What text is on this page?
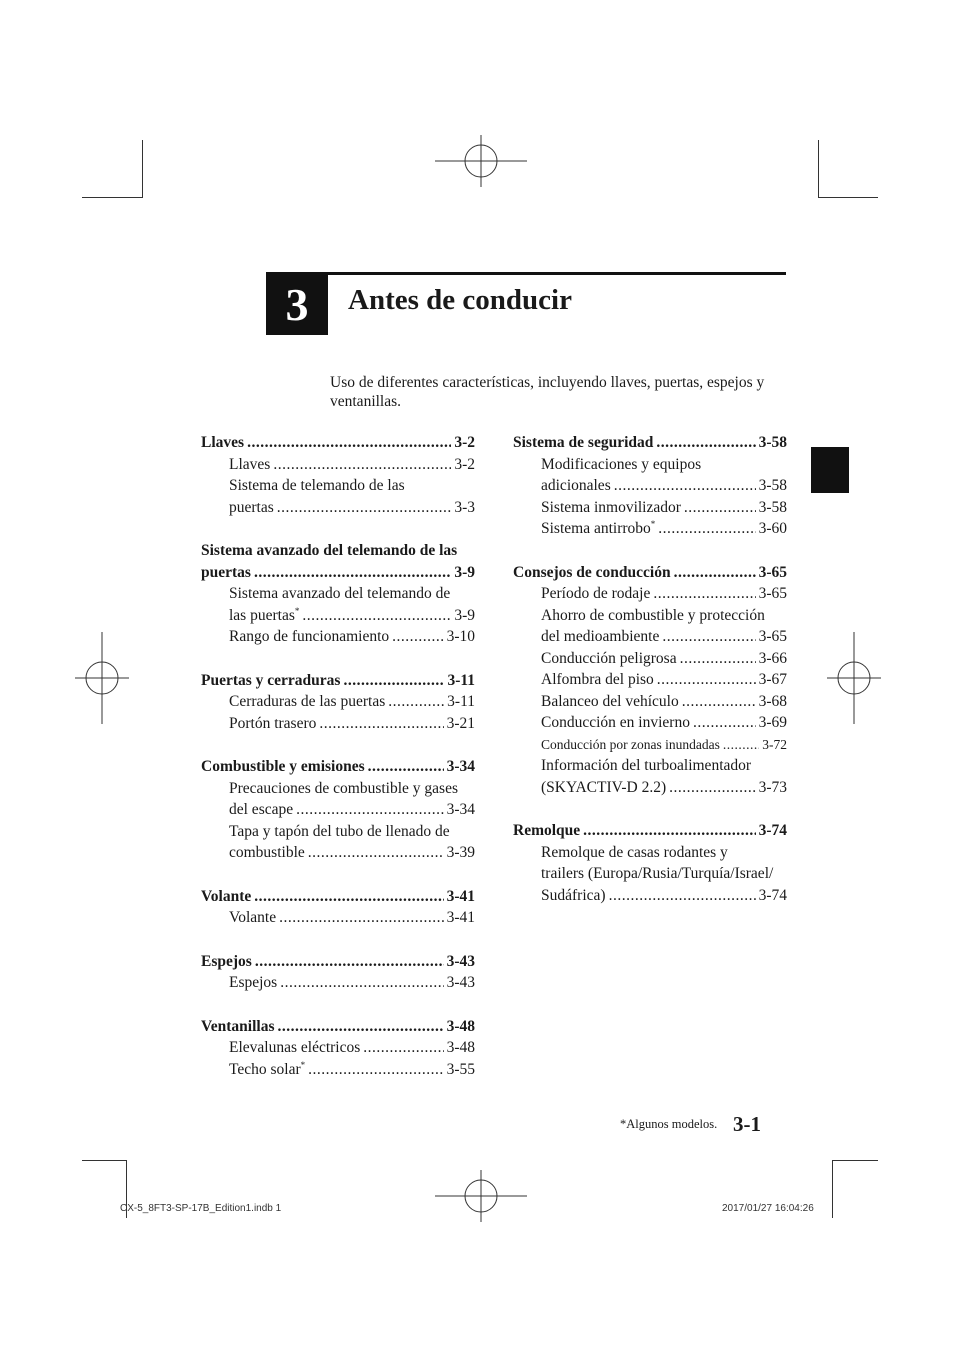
3	Antes de conducir
Uso de diferentes características, incluyendo llaves, puertas, espejos y ventanillas.
Llaves .....	3-2
Llaves .....	3-2
Sistema de telemando de las
puertas .....	3-3
Sistema avanzado del telemando de las
puertas .....	3-9
Sistema avanzado del telemando de
las puertas* .....	3-9
Rango de funcionamiento .....	3-10
Puertas y cerraduras .....	3-11
Cerraduras de las puertas .....	3-11
Portón trasero .....	3-21
Combustible y emisiones .....	3-34
Precauciones de combustible y gases
del escape .....	3-34
Tapa y tapón del tubo de llenado de
combustible .....	3-39
Volante .....	3-41
Volante .....	3-41
Espejos .....	3-43
Espejos .....	3-43
Ventanillas .....	3-48
Elevalunas eléctricos .....	3-48
Techo solar* .....	3-55
Sistema de seguridad .....	3-58
Modificaciones y equipos
adicionales .....	3-58
Sistema inmovilizador .....	3-58
Sistema antirrobo* .....	3-60
Consejos de conducción .....	3-65
Período de rodaje .....	3-65
Ahorro de combustible y protección
del medioambiente .....	3-65
Conducción peligrosa .....	3-66
Alfombra del piso .....	3-67
Balanceo del vehículo .....	3-68
Conducción en invierno .....	3-69
Conducción por zonas inundadas .....	3-72
Información del turboalimentador
(SKYACTIV-D 2.2) .....	3-73
Remolque .....	3-74
Remolque de casas rodantes y
trailers (Europa/Rusia/Turquía/Israel/
Sudáfrica) .....	3-74
*Algunos modelos. 3-1
CX-5_8FT3-SP-17B_Edition1.indb 1	2017/01/27 16:04:26
